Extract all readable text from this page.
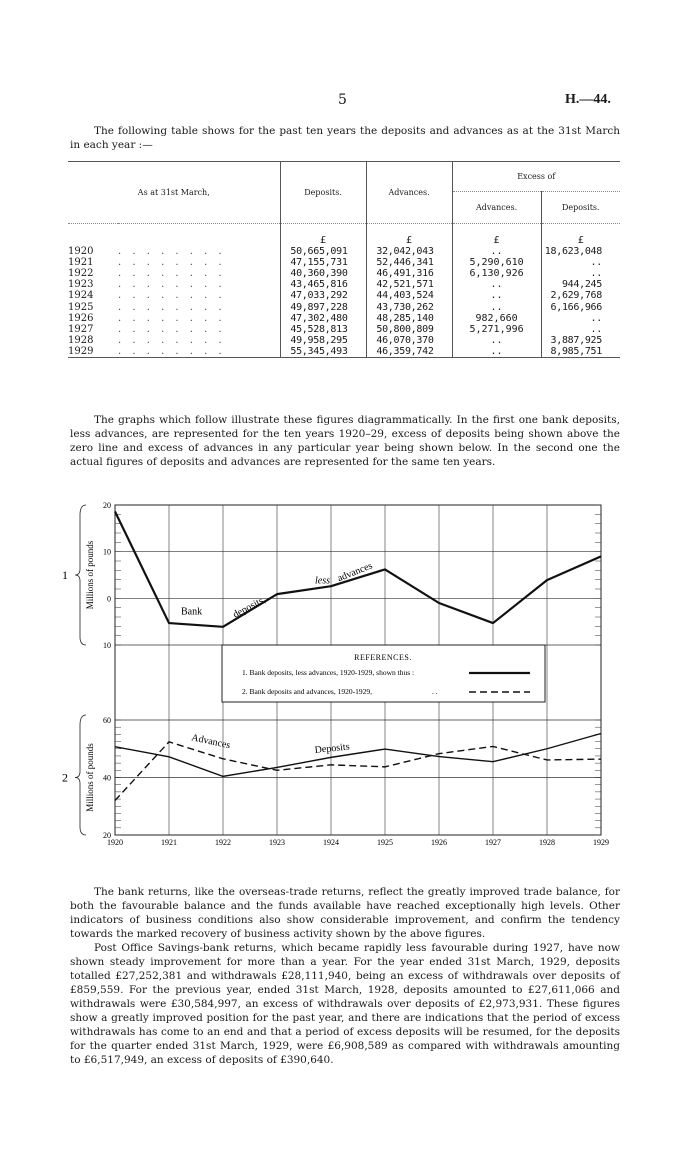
5	H.—44.
The following table shows for the past ten years the deposits and advances as at the 31st March in each year :—
As at 31st March,		Deposits.	Advances.	Excess of	
				Advances.	Deposits.
		£	£	£	£
1920	. . . . . . . .	50,665,091	32,042,043	..	18,623,048
1921	. . . . . . . .	47,155,731	52,446,341	5,290,610	..
1922	. . . . . . . .	40,360,390	46,491,316	6,130,926	..
1923	. . . . . . . .	43,465,816	42,521,571	..	944,245
1924	. . . . . . . .	47,033,292	44,403,524	..	2,629,768
1925	. . . . . . . .	49,897,228	43,730,262	..	6,166,966
1926	. . . . . . . .	47,302,480	48,285,140	982,660	..
1927	. . . . . . . .	45,528,813	50,800,809	5,271,996	..
1928	. . . . . . . .	49,958,295	46,070,370	..	3,887,925
1929	. . . . . . . .	55,345,493	46,359,742	..	8,985,751
The graphs which follow illustrate these figures diagrammatically. In the first one bank deposits, less advances, are represented for the ten years 1920–29, excess of deposits being shown above the zero line and excess of advances in any particular year being shown below. In the second one the actual figures of deposits and advances are represented for the same ten years.
20
10
0
10
60
40
20
1920	1921	1922	1923	1924	1925	1926	1927	1928	1929
Millions of pounds
Millions of pounds
1
2
Bank	deposits,
less advances
Advances	Deposits
REFERENCES.
1. Bank deposits, less advances, 1920-1929, shown thus :
2. Bank deposits and advances, 1920-1929,	. .
The bank returns, like the overseas-trade returns, reflect the greatly improved trade balance, for both the favourable balance and the funds available have reached exceptionally high levels. Other indicators of business conditions also show considerable improvement, and confirm the tendency towards the marked recovery of business activity shown by the above figures.
Post Office Savings-bank returns, which became rapidly less favourable during 1927, have now shown steady improvement for more than a year. For the year ended 31st March, 1929, deposits totalled £27,252,381 and withdrawals £28,111,940, being an excess of withdrawals over deposits of £859,559. For the previous year, ended 31st March, 1928, deposits amounted to £27,611,066 and withdrawals were £30,584,997, an excess of withdrawals over deposits of £2,973,931. These figures show a greatly improved position for the past year, and there are indications that the period of excess withdrawals has come to an end and that a period of excess deposits will be resumed, for the deposits for the quarter ended 31st March, 1929, were £6,908,589 as compared with withdrawals amounting to £6,517,949, an excess of deposits of £390,640.
